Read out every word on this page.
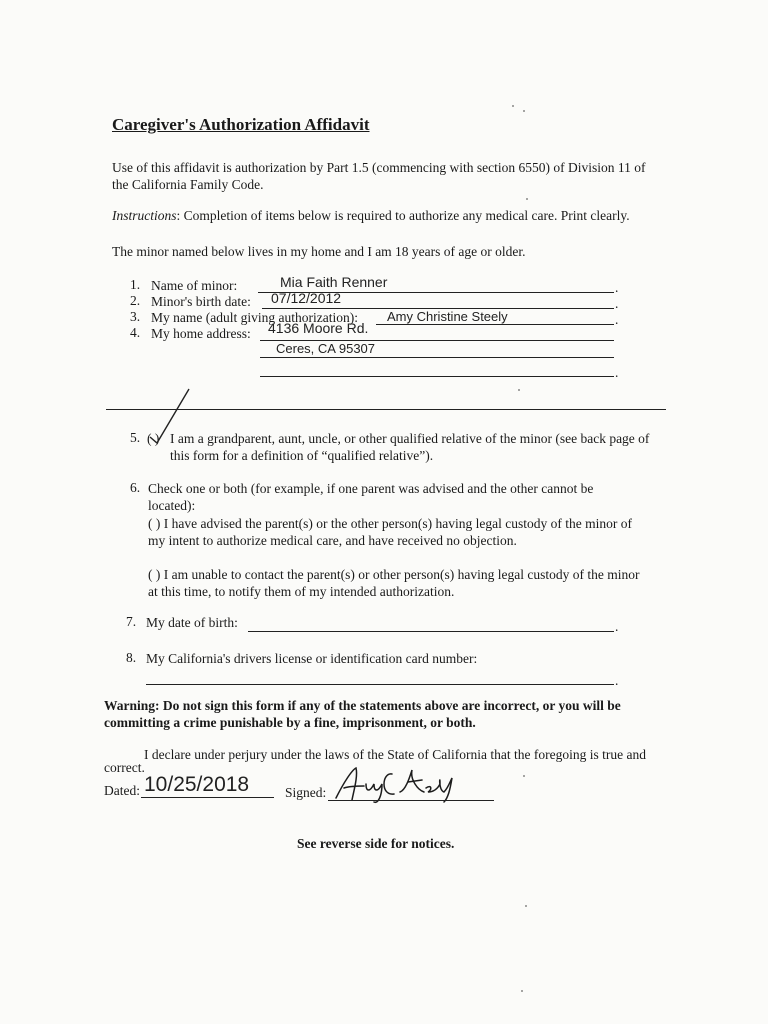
Caregiver's Authorization Affidavit
Use of this affidavit is authorization by Part 1.5 (commencing with section 6550) of Division 11 of the California Family Code.
Instructions: Completion of items below is required to authorize any medical care. Print clearly.
The minor named below lives in my home and I am 18 years of age or older.
1. Name of minor:	Mia Faith Renner	.
2. Minor's birth date: 07/12/2012	.
3. My name (adult giving authorization): Amy Christine Steely	.
4. My home address: 4136 Moore Rd.
Ceres, CA 95307
.
5. ( ) I am a grandparent, aunt, uncle, or other qualified relative of the minor (see back page of this form for a definition of “qualified relative”).
6. Check one or both (for example, if one parent was advised and the other cannot be located):
( ) I have advised the parent(s) or the other person(s) having legal custody of the minor of my intent to authorize medical care, and have received no objection.
( ) I am unable to contact the parent(s) or other person(s) having legal custody of the minor at this time, to notify them of my intended authorization.
7. My date of birth:	.
8. My California's drivers license or identification card number:
.
Warning: Do not sign this form if any of the statements above are incorrect, or you will be committing a crime punishable by a fine, imprisonment, or both.
I declare under perjury under the laws of the State of California that the foregoing is true and correct.
Dated: 10/25/2018	Signed:
See reverse side for notices.
